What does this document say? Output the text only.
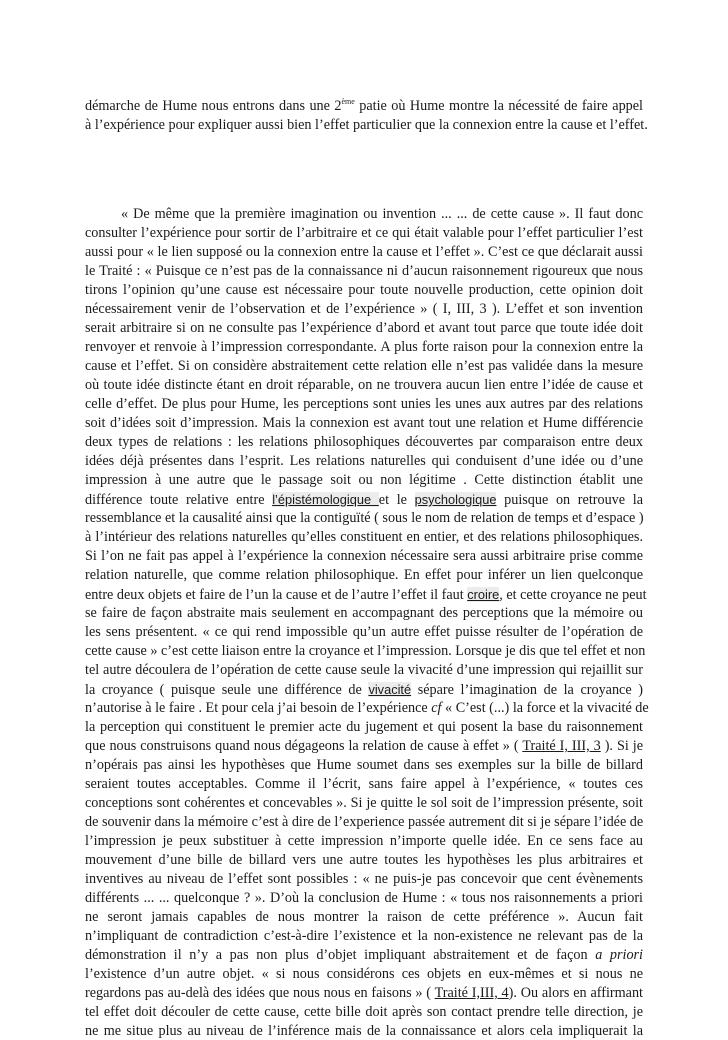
démarche de Hume nous entrons dans une 2ème patie où Hume montre la nécessité de faire appel
à l’expérience pour expliquer aussi bien l’effet particulier que la connexion entre la cause et l’effet.
« De même que la première imagination ou invention ... ... de cette cause ». Il faut donc
consulter l’expérience pour sortir de l’arbitraire et ce qui était valable pour l’effet particulier l’est
aussi pour « le lien supposé ou la connexion entre la cause et l’effet ». C’est ce que déclarait aussi
le Traité : « Puisque ce n’est pas de la connaissance ni d’aucun raisonnement rigoureux que nous
tirons l’opinion qu’une cause est nécessaire pour toute nouvelle production, cette opinion doit
nécessairement venir de l’observation et de l’expérience » ( I, III, 3 ). L’effet et son invention
serait arbitraire si on ne consulte pas l’expérience d’abord et avant tout parce que toute idée doit
renvoyer et renvoie à l’impression correspondante. A plus forte raison pour la connexion entre la
cause et l’effet. Si on considère abstraitement cette relation elle n’est pas validée dans la mesure
où toute idée distincte étant en droit réparable, on ne trouvera aucun lien entre l’idée de cause et
celle d’effet. De plus pour Hume, les perceptions sont unies les unes aux autres par des relations
soit d’idées soit d’impression. Mais la connexion est avant tout une relation et Hume différencie
deux types de relations : les relations philosophiques découvertes par comparaison entre deux
idées déjà présentes dans l’esprit. Les relations naturelles qui conduisent d’une idée ou d’une
impression à une autre que le passage soit ou non légitime . Cette distinction établit une
différence toute relative entre l’épistémologique et le psychologique puisque on retrouve la
ressemblance et la causalité ainsi que la contiguïté ( sous le nom de relation de temps et d’espace )
à l’intérieur des relations naturelles qu’elles constituent en entier, et des relations philosophiques.
Si l’on ne fait pas appel à l’expérience la connexion nécessaire sera aussi arbitraire prise comme
relation naturelle, que comme relation philosophique. En effet pour inférer un lien quelconque
entre deux objets et faire de l’un la cause et de l’autre l’effet il faut croire, et cette croyance ne peut
se faire de façon abstraite mais seulement en accompagnant des perceptions que la mémoire ou
les sens présentent. « ce qui rend impossible qu’un autre effet puisse résulter de l’opération de
cette cause » c’est cette liaison entre la croyance et l’impression. Lorsque je dis que tel effet et non
tel autre découlera de l’opération de cette cause seule la vivacité d’une impression qui rejaillit sur
la croyance ( puisque seule une différence de vivacité sépare l’imagination de la croyance )
n’autorise à le faire . Et pour cela j’ai besoin de l’expérience cf « C’est (...) la force et la vivacité de
la perception qui constituent le premier acte du jugement et qui posent la base du raisonnement
que nous construisons quand nous dégageons la relation de cause à effet » ( Traité I, III, 3 ). Si je
n’opérais pas ainsi les hypothèses que Hume soumet dans ses exemples sur la bille de billard
seraient toutes acceptables. Comme il l’écrit, sans faire appel à l’expérience, « toutes ces
conceptions sont cohérentes et concevables ». Si je quitte le sol soit de l’impression présente, soit
de souvenir dans la mémoire c’est à dire de l’experience passée autrement dit si je sépare l’idée de
l’impression je peux substituer à cette impression n’importe quelle idée. En ce sens face au
mouvement d’une bille de billard vers une autre toutes les hypothèses les plus arbitraires et
inventives au niveau de l’effet sont possibles : « ne puis-je pas concevoir que cent évènements
différents ... ... quelconque ? ». D’où la conclusion de Hume : « tous nos raisonnements a priori
ne seront jamais capables de nous montrer la raison de cette préférence ». Aucun fait
n’impliquant de contradiction c’est-à-dire l’existence et la non-existence ne relevant pas de la
démonstration il n’y a pas non plus d’objet impliquant abstraitement et de façon a priori
l’existence d’un autre objet. « si nous considérons ces objets en eux-mêmes et si nous ne
regardons pas au-delà des idées que nous nous en faisons » ( Traité I,III, 4). Ou alors en affirmant
tel effet doit découler de cette cause, cette bille doit après son contact prendre telle direction, je
ne me situe plus au niveau de l’inférence mais de la connaissance et alors cela impliquerait la
